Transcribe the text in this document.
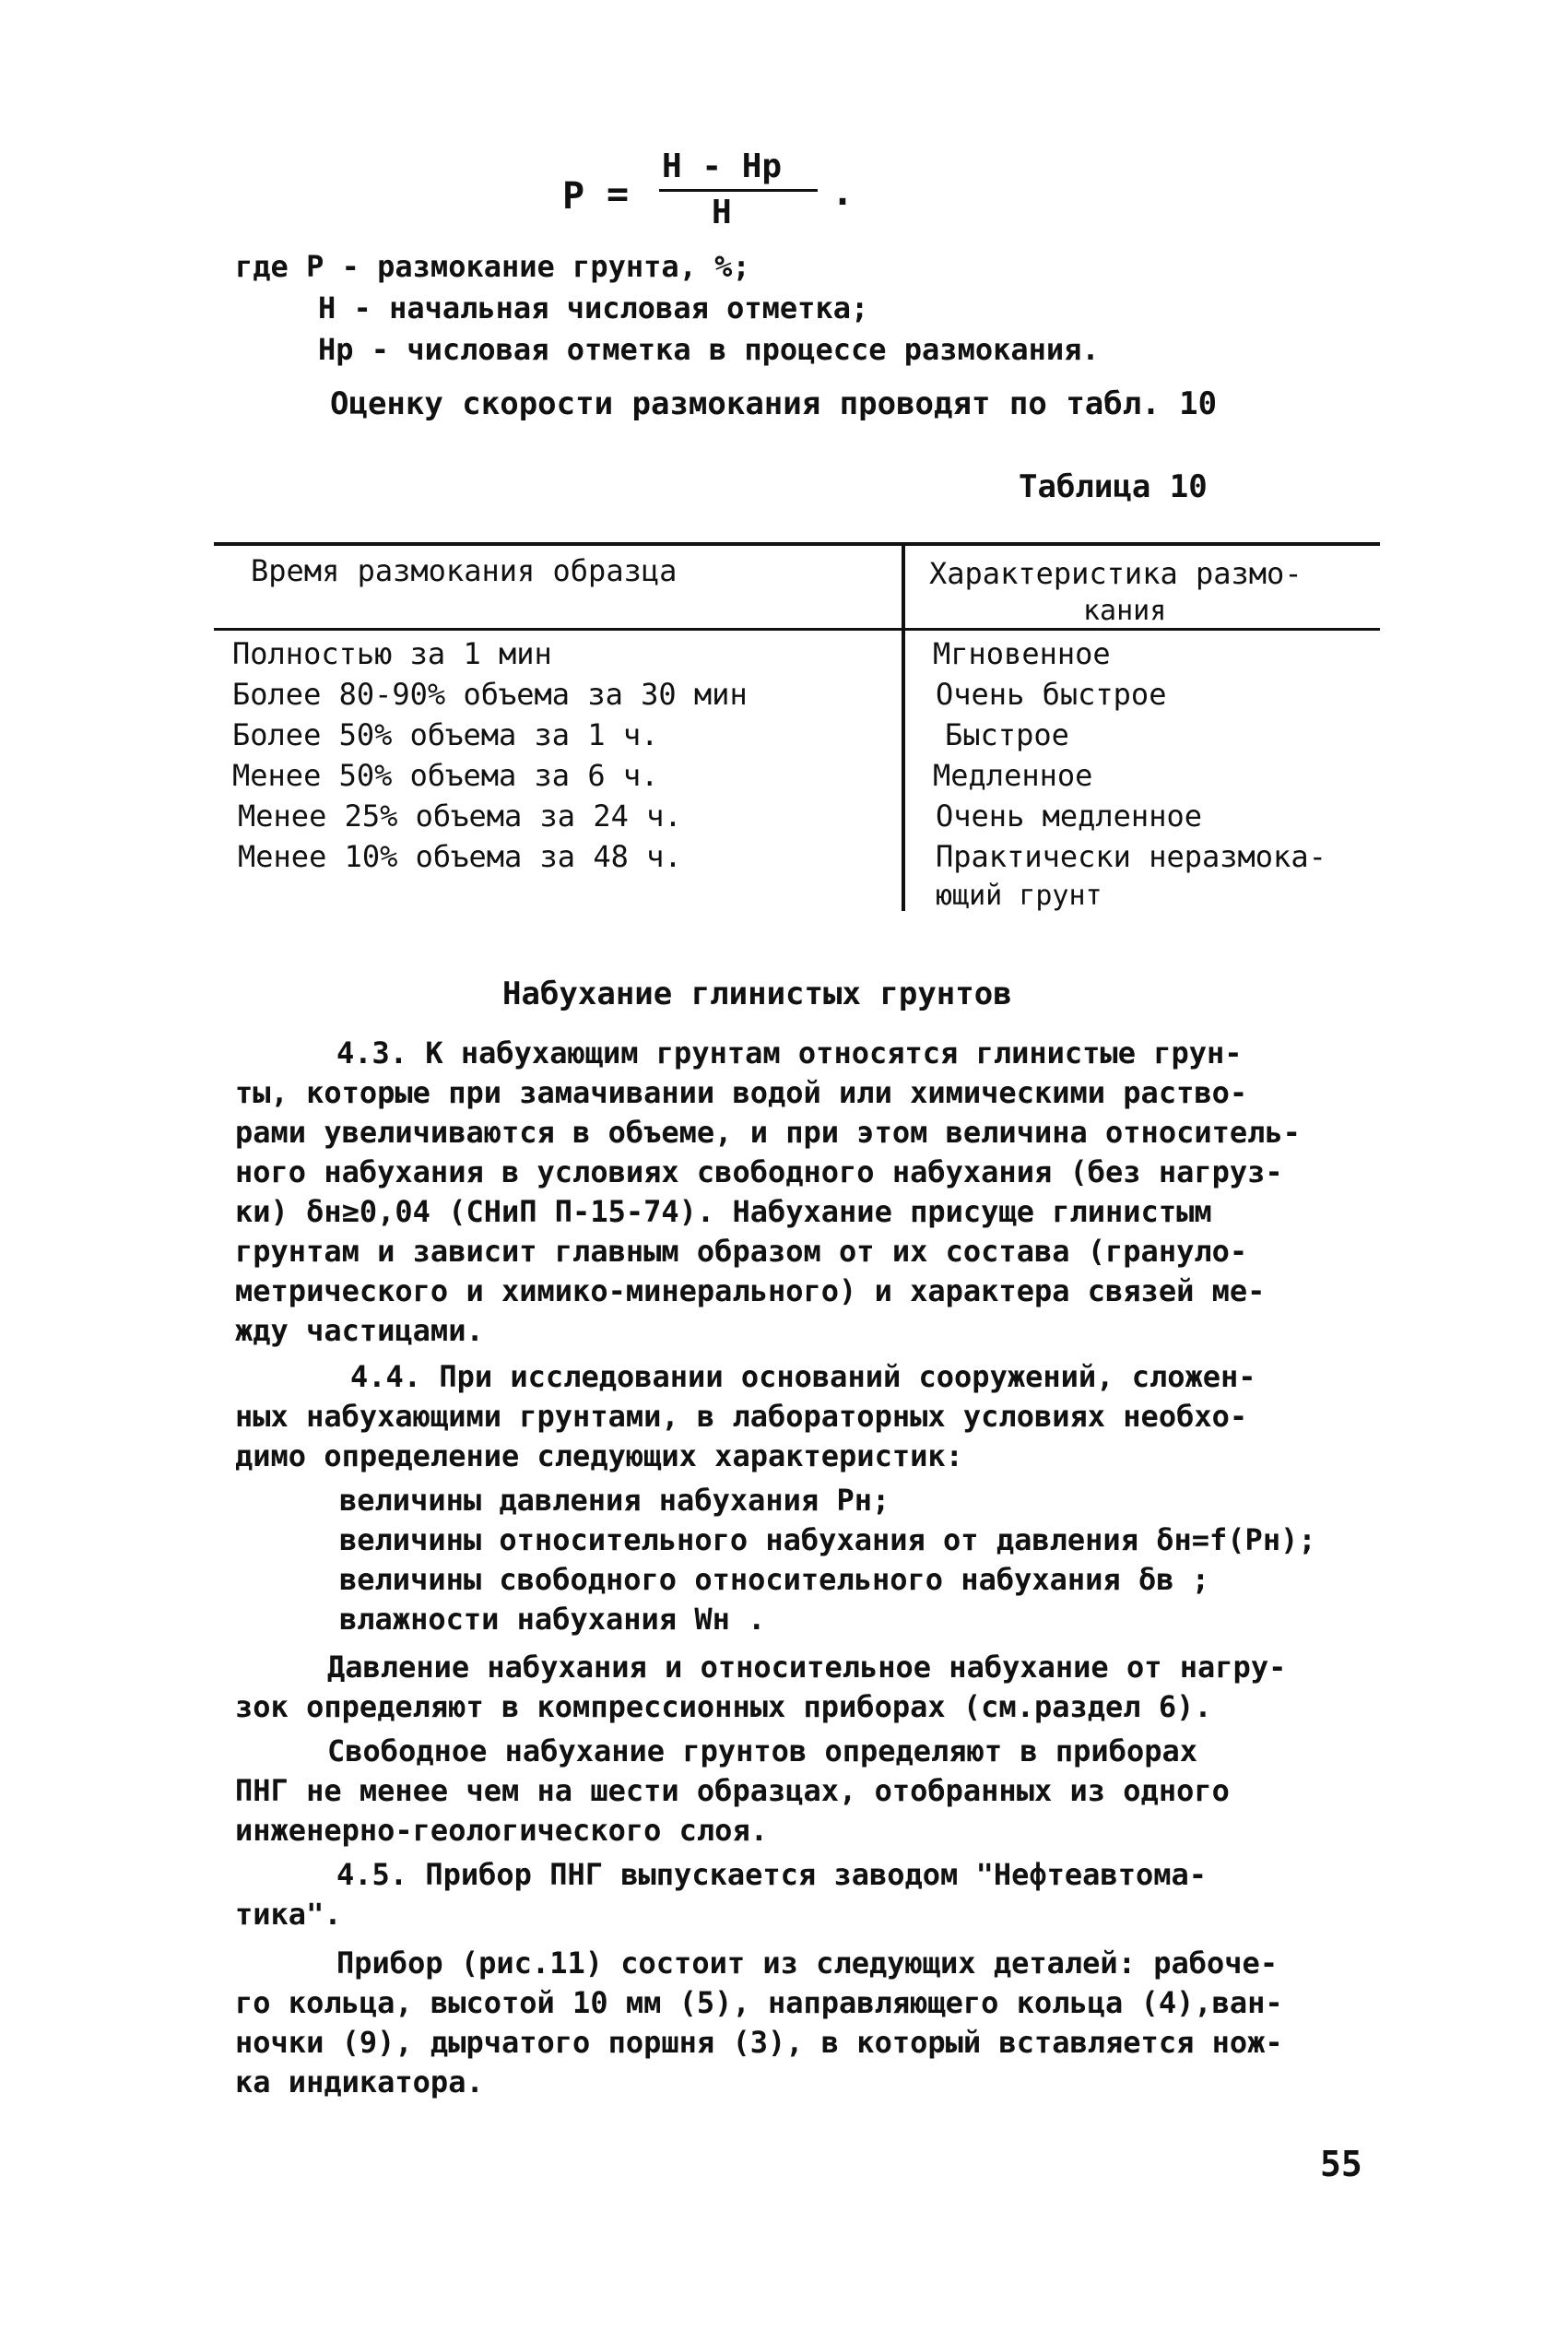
P =
H - Hp
H	.
где P - размокание грунта, %;
H - начальная числовая отметка;
Hp - числовая отметка в процессе размокания.
Оценку скорости размокания проводят по табл. 10
Таблица 10
Время размокания образца	Характеристика размо-
кания
Полностью за 1 мин	Мгновенное
Более 80-90% объема за 30 мин	Очень быстрое
Более 50% объема за 1 ч.	Быстрое
Менее 50% объема за 6 ч.	Медленное
Менее 25% объема за 24 ч.	Очень медленное
Менее 10% объема за 48 ч.	Практически неразмока-
ющий грунт
Набухание глинистых грунтов
4.3. К набухающим грунтам относятся глинистые грун-
ты, которые при замачивании водой или химическими раство-
рами увеличиваются в объеме, и при этом величина относитель-
ного набухания в условиях свободного набухания (без нагруз-
ки) δн≥0,04 (СНиП П-15-74). Набухание присуще глинистым
грунтам и зависит главным образом от их состава (грануло-
метрического и химико-минерального) и характера связей ме-
жду частицами.
4.4. При исследовании оснований сооружений, сложен-
ных набухающими грунтами, в лабораторных условиях необхо-
димо определение следующих характеристик:
величины давления набухания Pн;
величины относительного набухания от давления δн=f(Pн);
величины свободного относительного набухания δв ;
влажности набухания Wн .
Давление набухания и относительное набухание от нагру-
зок определяют в компрессионных приборах (см.раздел 6).
Свободное набухание грунтов определяют в приборах
ПНГ не менее чем на шести образцах, отобранных из одного
инженерно-геологического слоя.
4.5. Прибор ПНГ выпускается заводом "Нефтеавтома-
тика".
Прибор (рис.11) состоит из следующих деталей: рабоче-
го кольца, высотой 10 мм (5), направляющего кольца (4),ван-
ночки (9), дырчатого поршня (3), в который вставляется нож-
ка индикатора.
55
